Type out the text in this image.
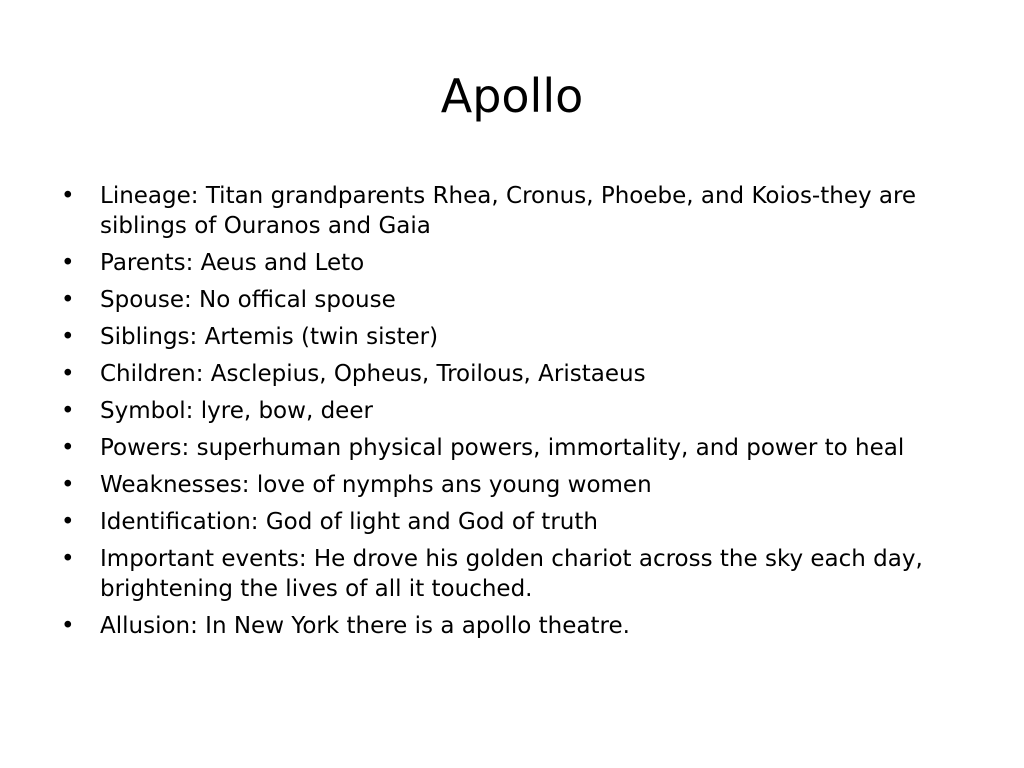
Apollo
• Lineage: Titan grandparents Rhea, Cronus, Phoebe, and Koios-they are siblings of Ouranos and Gaia
• Parents: Aeus and Leto
• Spouse: No offical spouse
• Siblings: Artemis (twin sister)
• Children: Asclepius, Opheus, Troilous, Aristaeus
• Symbol: lyre, bow, deer
• Powers: superhuman physical powers, immortality, and power to heal
• Weaknesses: love of nymphs ans young women
• Identification: God of light and God of truth
• Important events: He drove his golden chariot across the sky each day, brightening the lives of all it touched.
• Allusion: In New York there is a apollo theatre.
